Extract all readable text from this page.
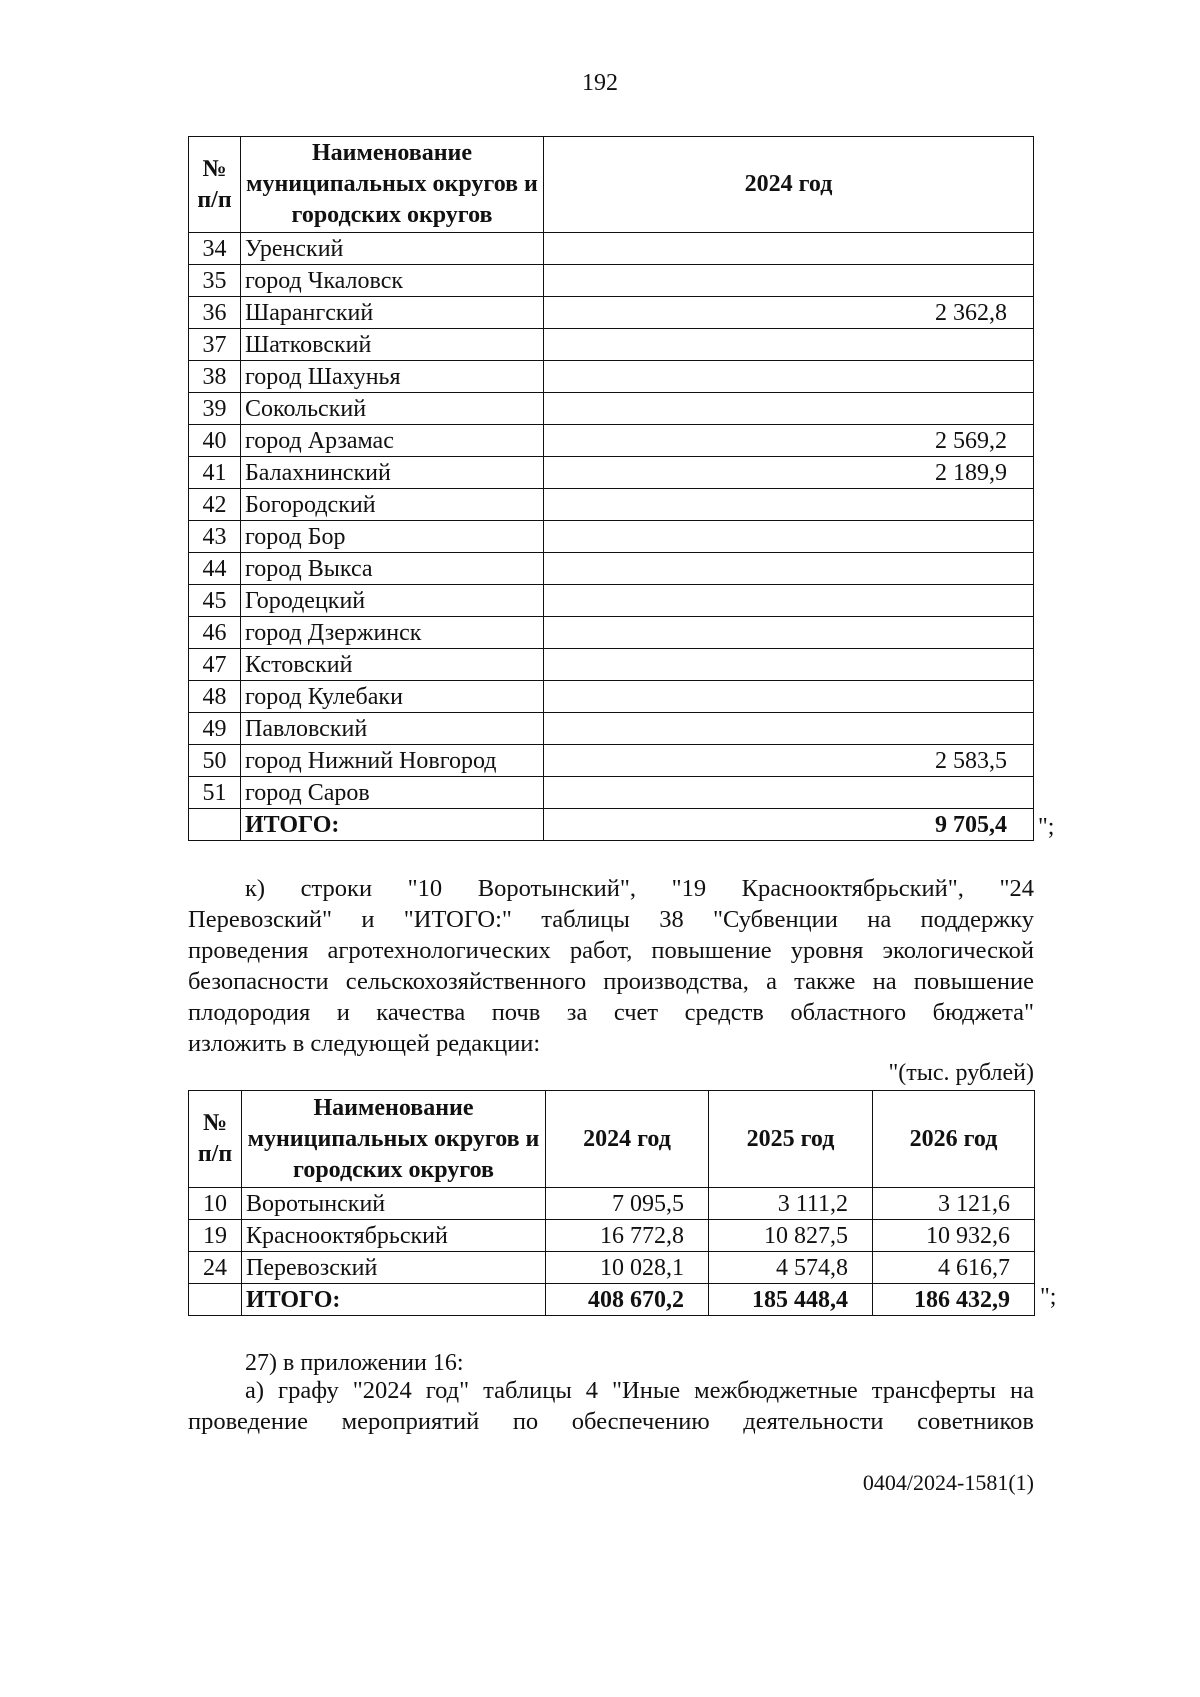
192
№ п/п	Наименование муниципальных округов и городских округов	2024 год
34	Уренский	
35	город Чкаловск	
36	Шарангский	2 362,8
37	Шатковский	
38	город Шахунья	
39	Сокольский	
40	город Арзамас	2 569,2
41	Балахнинский	2 189,9
42	Богородский	
43	город Бор	
44	город Выкса	
45	Городецкий	
46	город Дзержинск	
47	Кстовский	
48	город Кулебаки	
49	Павловский	
50	город Нижний Новгород	2 583,5
51	город Саров	
	ИТОГО:	9 705,4 ";
к) строки "10 Воротынский", "19 Краснооктябрьский", "24
Перевозский" и "ИТОГО:" таблицы 38 "Субвенции на поддержку
проведения агротехнологических работ, повышение уровня экологической
безопасности сельскохозяйственного производства, а также на повышение
плодородия и качества почв за счет средств областного бюджета"
изложить в следующей редакции:
"(тыс. рублей)
№ п/п	Наименование муниципальных округов и городских округов	2024 год	2025 год	2026 год
10	Воротынский	7 095,5	3 111,2	3 121,6
19	Краснооктябрьский	16 772,8	10 827,5	10 932,6
24	Перевозский	10 028,1	4 574,8	4 616,7
	ИТОГО:	408 670,2	185 448,4	186 432,9 ";
27) в приложении 16:
а) графу "2024 год" таблицы 4 "Иные межбюджетные трансферты на
проведение мероприятий по обеспечению деятельности советников
0404/2024-1581(1)
